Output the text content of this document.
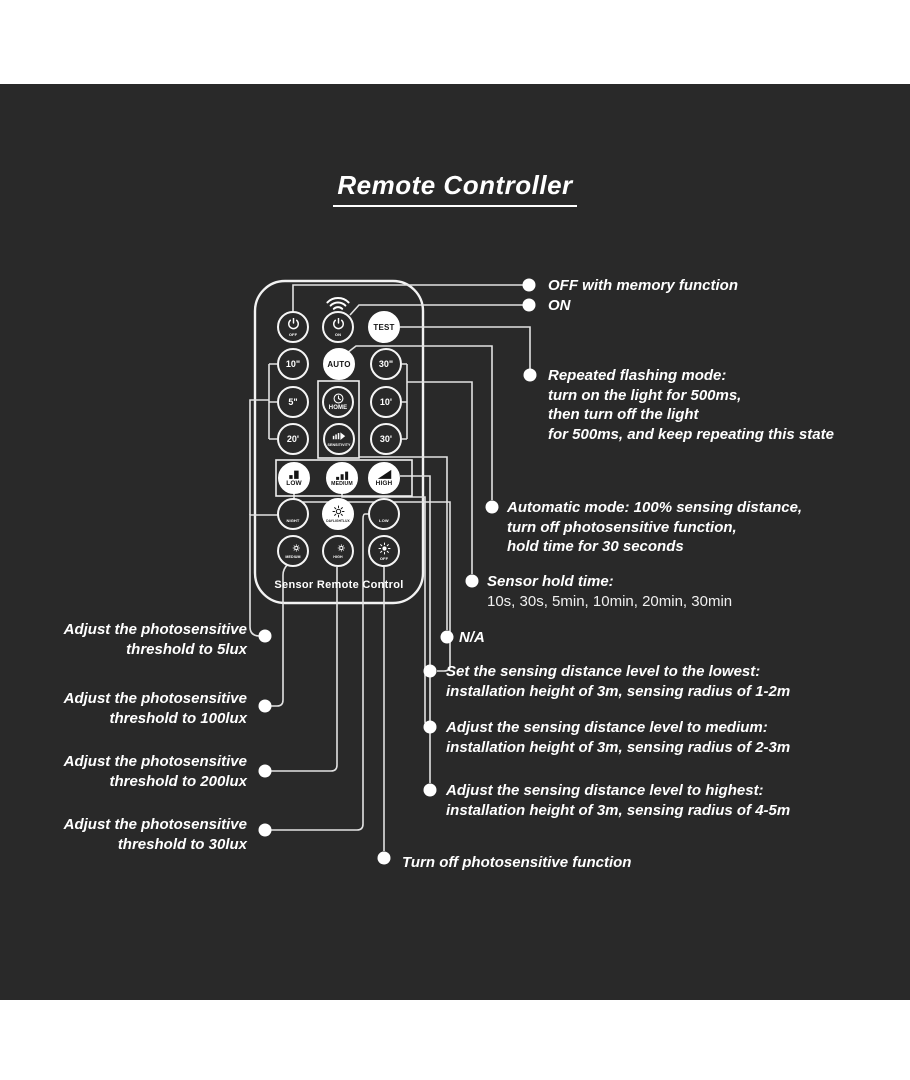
Remote Controller
OFF	ON
TEST
10"	AUTO	30"
5"
HOME
10'
20'
SENSITIVITY
30'
LOW	MEDIUM	HIGH
NIGHT	DAYLIGHTLUX	LOW
MEDIUM	HIGH	OFF
Sensor Remote Control
OFF with memory function
ON
Repeated flashing mode:
turn on the light for 500ms,
then turn off the light
for 500ms, and keep repeating this state
Automatic mode: 100% sensing distance,
turn off photosensitive function,
hold time for 30 seconds
Sensor hold time:
10s, 30s, 5min, 10min, 20min, 30min
N/A
Set the sensing distance level to the lowest:
installation height of 3m, sensing radius of 1-2m
Adjust the sensing distance level to medium:
installation height of 3m, sensing radius of 2-3m
Adjust the sensing distance level to highest:
installation height of 3m, sensing radius of 4-5m
Adjust the photosensitive
threshold to 5lux
Adjust the photosensitive
threshold to 100lux
Adjust the photosensitive
threshold to 200lux
Adjust the photosensitive
threshold to 30lux
Turn off photosensitive function
